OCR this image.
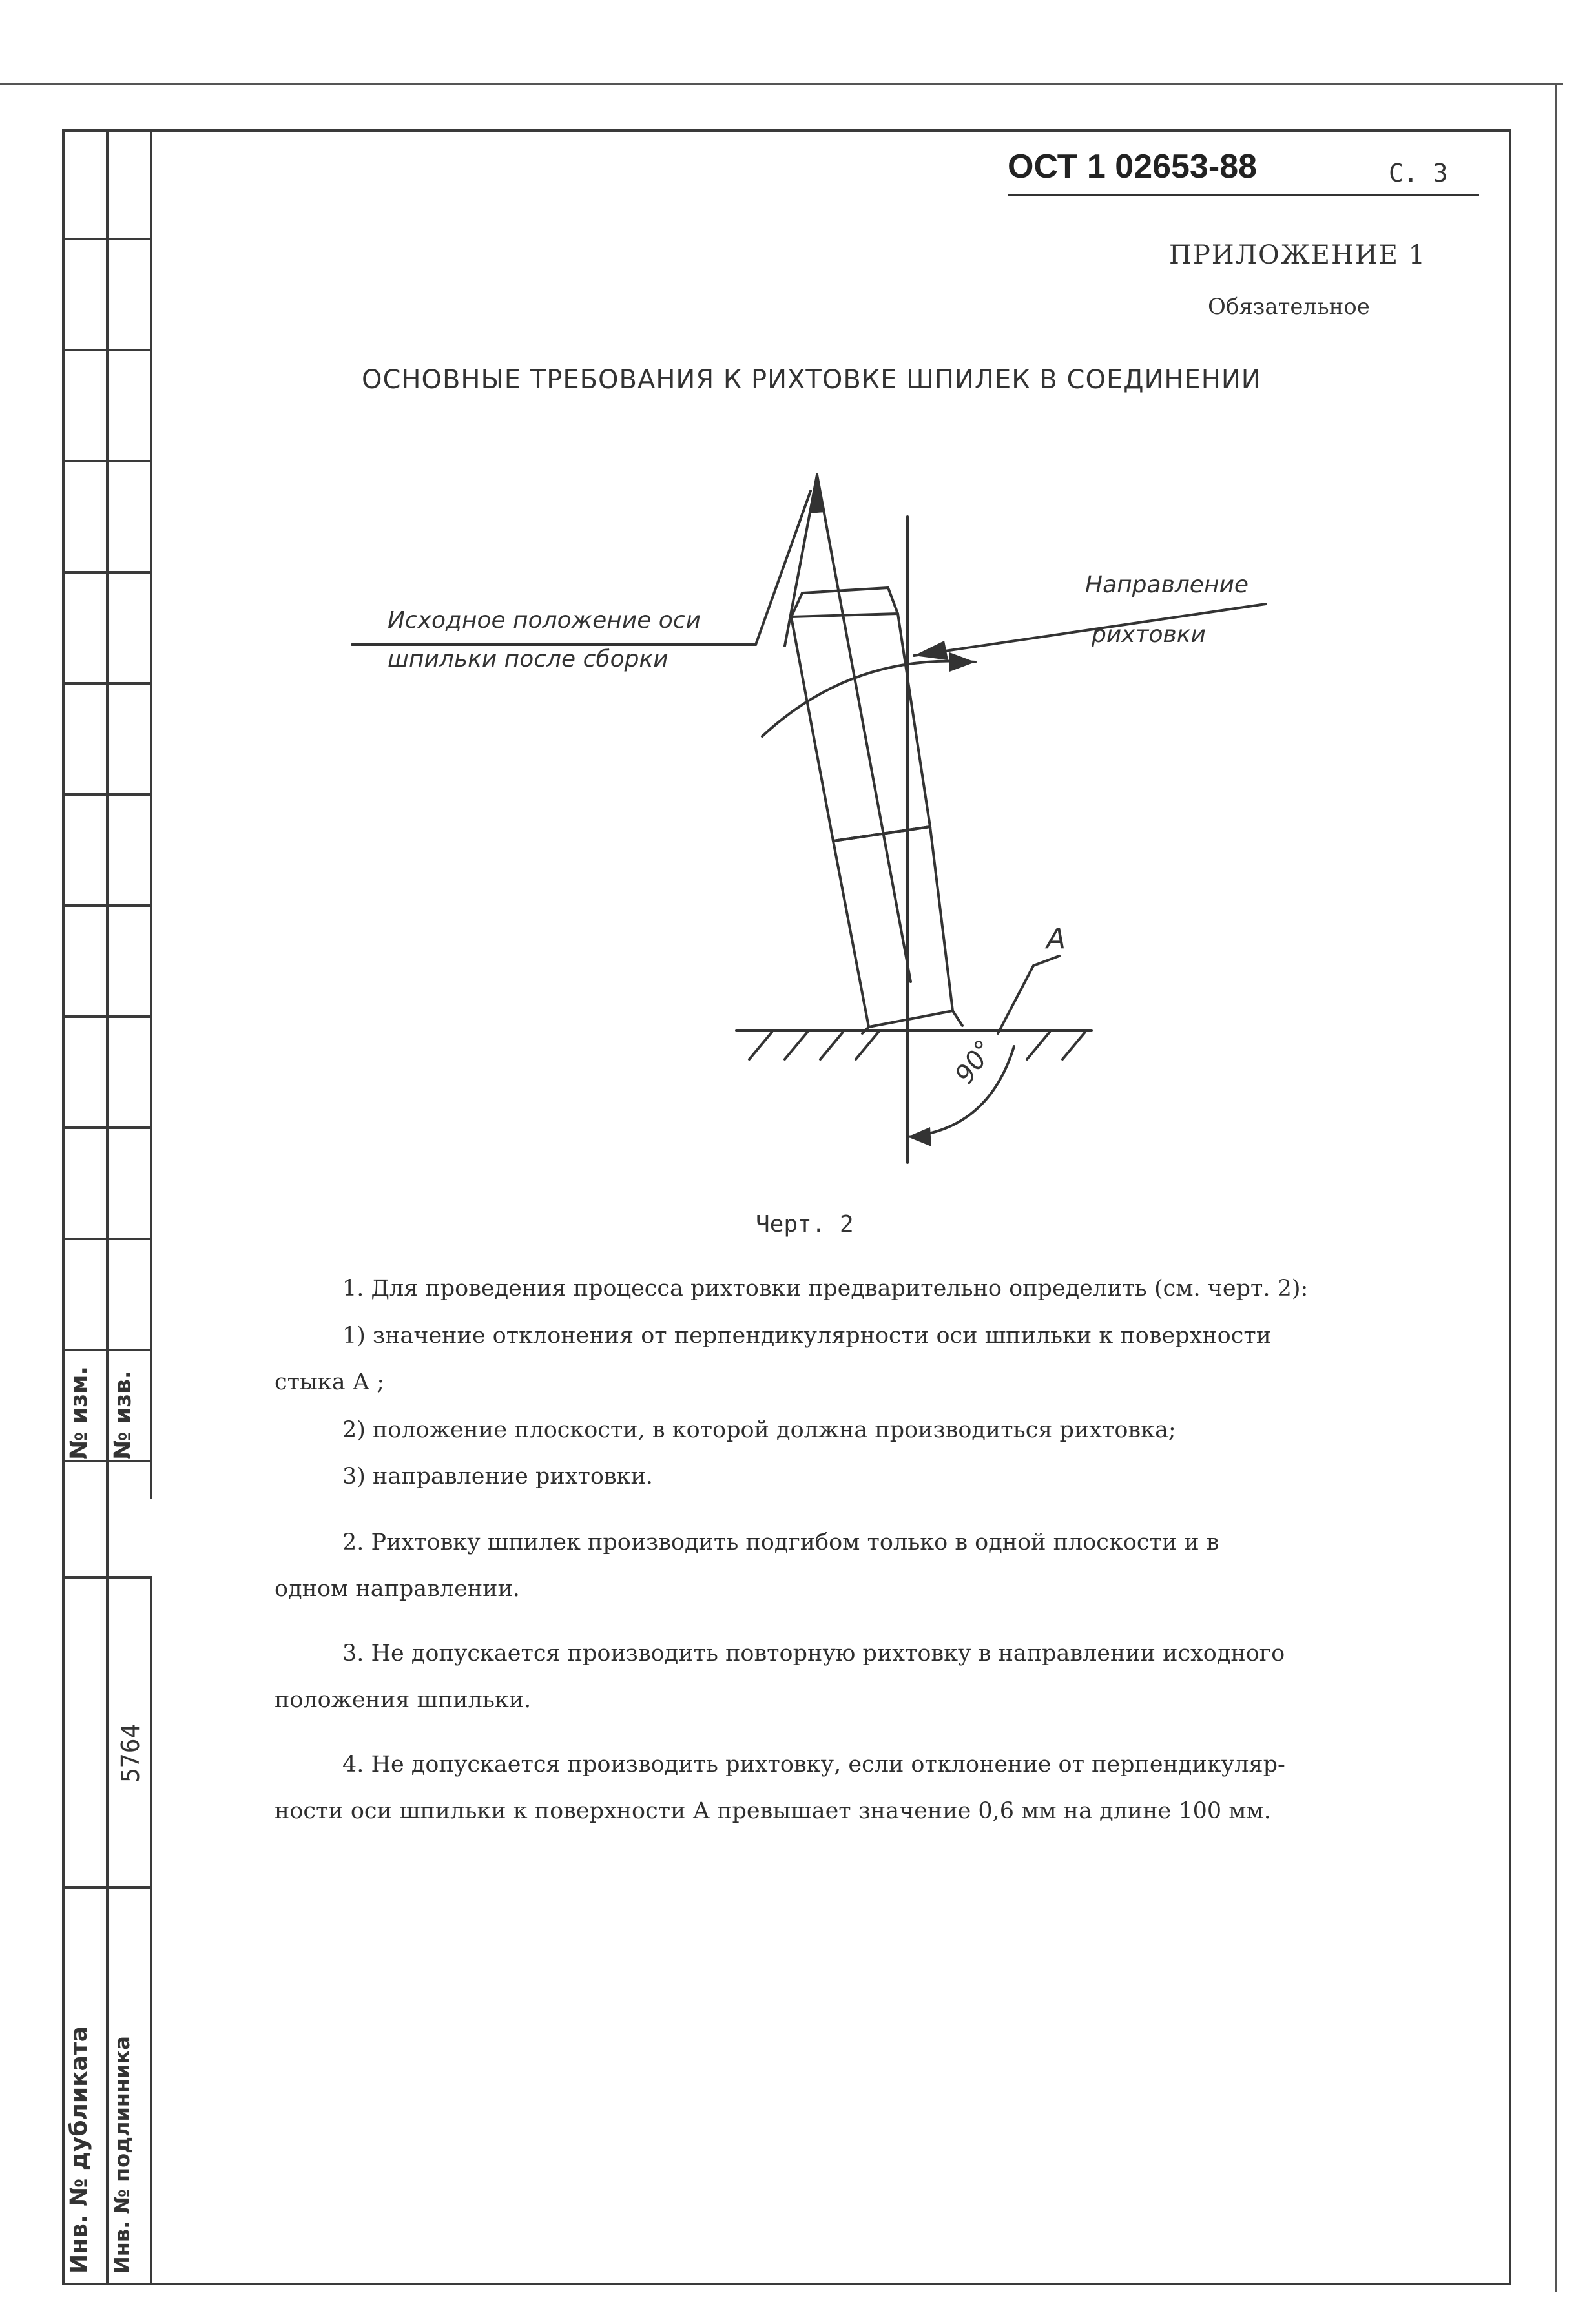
№ изм. № изв.
5764
Инв. № дубликата Инв. № подлинника
ОСТ 1 02653-88	С. 3
ПРИЛОЖЕНИЕ 1
Обязательное
ОСНОВНЫЕ ТРЕБОВАНИЯ К РИХТОВКЕ ШПИЛЕК В СОЕДИНЕНИИ
Исходное положение оси
шпильки после сборки
Направление
рихтовки
А
90°
Черт. 2
1. Для проведения процесса рихтовки предварительно определить (см. черт. 2):
1) значение отклонения от перпендикулярности оси шпильки к поверхности
стыка А ;
2) положение плоскости, в которой должна производиться рихтовка;
3) направление рихтовки.
2. Рихтовку шпилек производить подгибом только в одной плоскости и в
одном направлении.
3. Не допускается производить повторную рихтовку в направлении исходного
положения шпильки.
4. Не допускается производить рихтовку, если отклонение от перпендикуляр-
ности оси шпильки к поверхности А превышает значение 0,6 мм на длине 100 мм.
